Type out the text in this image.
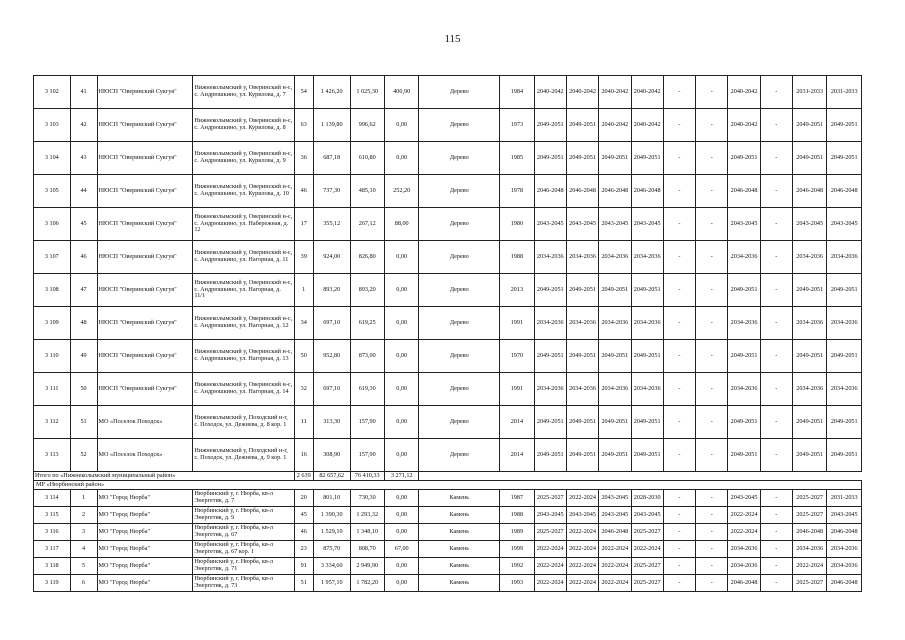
115
3 102	41	НЮСП "Оверинский Сукгуя"	Нижнеколымский у, Оверинский н-с, с. Андрюшкино, ул. Курилова, д. 7	54	1 426,20	1 025,30	400,90	Дерево	1984	2040-2042	2040-2042	2040-2042	2040-2042	-	-	2040-2042	-	2031-2033	2031-2033
3 103	42	НЮСП "Оверинский Сукгуя"	Нижнеколымский у, Оверинский н-с, с. Андрюшкино, ул. Курилова, д. 8	63	1 139,80	996,62	0,00	Дерево	1973	2049-2051	2049-2051	2040-2042	2040-2042	-	-	2040-2042	-	2049-2051	2049-2051
3 104	43	НЮСП "Оверинский Сукгуя"	Нижнеколымский у, Оверинский н-с, с. Андрюшкино, ул. Курилова, д. 9	36	687,18	610,80	0,00	Дерево	1985	2049-2051	2049-2051	2049-2051	2049-2051	-	-	2049-2051	-	2049-2051	2049-2051
3 105	44	НЮСП "Оверинский Сукгуя"	Нижнеколымский у, Оверинский н-с, с. Андрюшкино, ул. Курилова, д. 10	46	737,30	485,10	252,20	Дерево	1978	2046-2048	2046-2048	2046-2048	2046-2048	-	-	2046-2048	-	2046-2048	2046-2048
3 106	45	НЮСП "Оверинский Сукгуя"	Нижнеколымский у, Оверинский н-с, с. Андрюшкино, ул. Набережная, д. 12	17	355,12	267,12	88,00	Дерево	1980	2043-2045	2043-2045	2043-2045	2043-2045	-	-	2043-2045	-	2043-2045	2043-2045
3 107	46	НЮСП "Оверинский Сукгуя"	Нижнеколымский у, Оверинский н-с, с. Андрюшкино, ул. Нагорная, д. 11	39	924,00	826,80	0,00	Дерево	1988	2034-2036	2034-2036	2034-2036	2034-2036	-	-	2034-2036	-	2034-2036	2034-2036
3 108	47	НЮСП "Оверинский Сукгуя"	Нижнеколымский у, Оверинский н-с, с. Андрюшкино, ул. Нагорная, д. 11/1	1	893,20	893,20	0,00	Дерево	2013	2049-2051	2049-2051	2049-2051	2049-2051	-	-	2049-2051	-	2049-2051	2049-2051
3 109	48	НЮСП "Оверинский Сукгуя"	Нижнеколымский у, Оверинский н-с, с. Андрюшкино, ул. Нагорная, д. 12	34	697,10	619,25	0,00	Дерево	1991	2034-2036	2034-2036	2034-2036	2034-2036	-	-	2034-2036	-	2034-2036	2034-2036
3 110	49	НЮСП "Оверинский Сукгуя"	Нижнеколымский у, Оверинский н-с, с. Андрюшкино, ул. Нагорная, д. 13	50	952,80	873,00	0,00	Дерево	1970	2049-2051	2049-2051	2049-2051	2049-2051	-	-	2049-2051	-	2049-2051	2049-2051
3 111	50	НЮСП "Оверинский Сукгуя"	Нижнеколымский у, Оверинский н-с, с. Андрюшкино, ул. Нагорная, д. 14	32	697,10	619,30	0,00	Дерево	1991	2034-2036	2034-2036	2034-2036	2034-2036	-	-	2034-2036	-	2034-2036	2034-2036
3 112	51	МО «Поселок Походск»	Нижнеколымский у, Походский н-г, с. Походск, ул. Дежнева, д. 8 кор. 1	11	313,30	157,90	0,00	Дерево	2014	2049-2051	2049-2051	2049-2051	2049-2051	-	-	2049-2051	-	2049-2051	2049-2051
3 113	52	МО «Поселок Походск»	Нижнеколымский у, Походский н-г, с. Походск, ул. Дежнева, д. 9 кор. 1	16	308,90	157,90	0,00	Дерево	2014	2049-2051	2049-2051	2049-2051	2049-2051	-	-	2049-2051	-	2049-2051	2049-2051
Итого по «Нижнеколымский муниципальный район»				2 639	82 657,62	76 410,33	3 271,12												
МР «Нюрбинский район»																			
3 114	1	МО "Город Нюрба"	Нюрбинский у, г. Нюрба, кв-л Энергетик, д. 7	20	801,10	730,30	0,00	Камень	1987	2025-2027	2022-2024	2043-2045	2028-2030	-	-	2043-2045	-	2025-2027	2031-2033
3 115	2	МО "Город Нюрба"	Нюрбинский у, г. Нюрба, кв-л Энергетик, д. 9	45	1 390,30	1 293,32	0,00	Камень	1988	2043-2045	2043-2045	2043-2045	2043-2045	-	-	2022-2024	-	2025-2027	2043-2045
3 116	3	МО "Город Нюрба"	Нюрбинский у, г. Нюрба, кв-л Энергетик, д. 67	46	1 529,10	1 348,10	0,00	Камень	1989	2025-2027	2022-2024	2046-2048	2025-2027	-	-	2022-2024	-	2046-2048	2046-2048
3 117	4	МО "Город Нюрба"	Нюрбинский у, г. Нюрба, кв-л Энергетик, д. 67 кор. 1	23	875,70	808,70	67,00	Камень	1999	2022-2024	2022-2024	2022-2024	2022-2024	-	-	2034-2036	-	2034-2036	2034-2036
3 118	5	МО "Город Нюрба"	Нюрбинский у, г. Нюрба, кв-л Энергетик, д. 71	91	3 334,60	2 949,90	0,00	Камень	1992	2022-2024	2022-2024	2022-2024	2025-2027	-	-	2034-2036	-	2022-2024	2034-2036
3 119	6	МО "Город Нюрба"	Нюрбинский у, г. Нюрба, кв-л Энергетик, д. 73	51	1 957,10	1 782,20	0,00	Камень	1993	2022-2024	2022-2024	2022-2024	2025-2027	-	-	2046-2048	-	2025-2027	2046-2048
